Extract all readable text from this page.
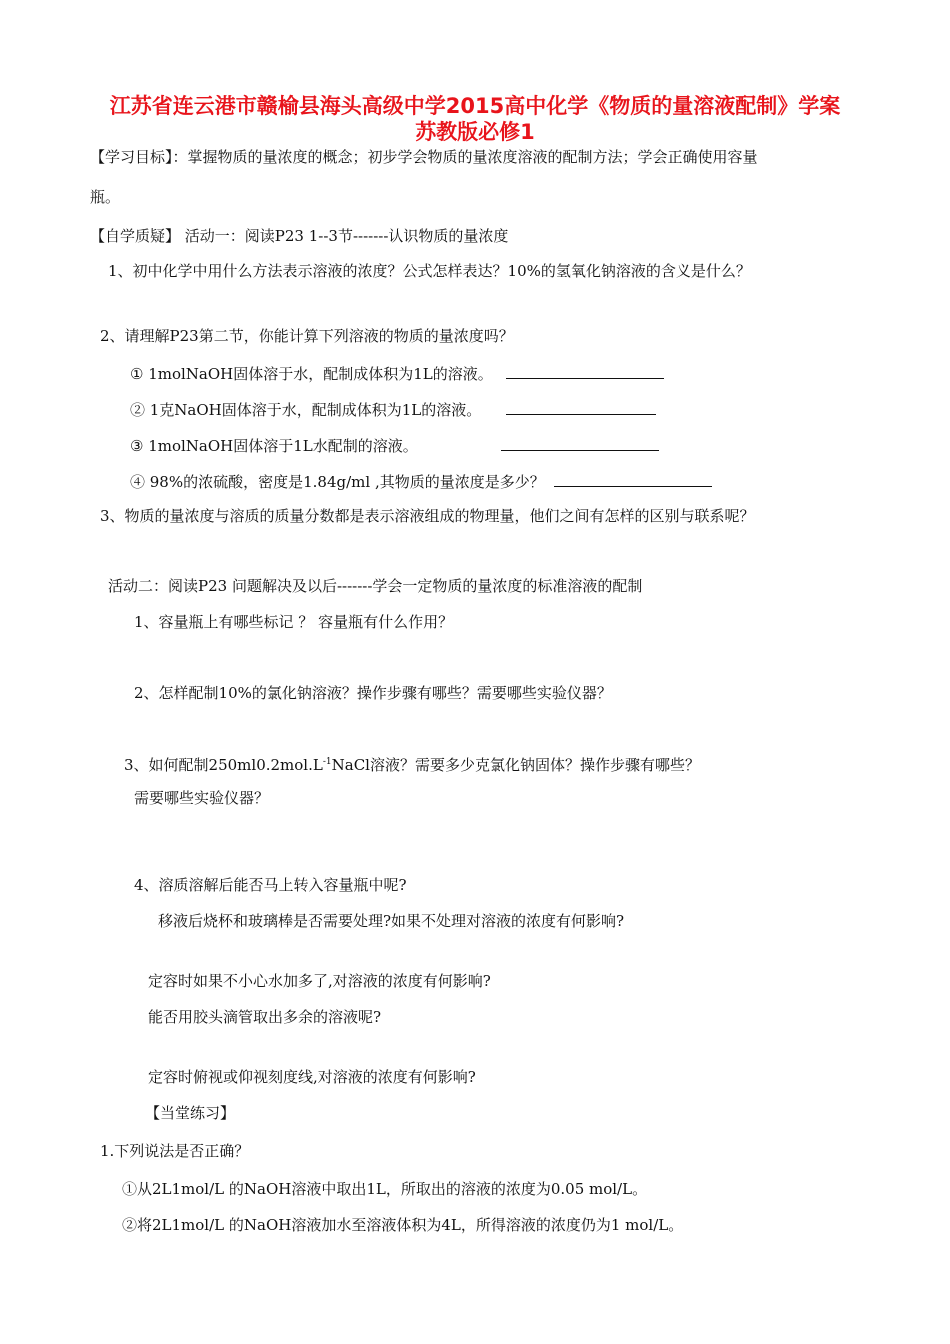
江苏省连云港市赣榆县海头高级中学2015高中化学《物质的量溶液配制》学案
苏教版必修1
【学习目标】：掌握物质的量浓度的概念；初步学会物质的量浓度溶液的配制方法；学会正确使用容量
瓶。
【自学质疑】 活动一：阅读P23 1--3节-------认识物质的量浓度
1、初中化学中用什么方法表示溶液的浓度？公式怎样表达？10%的氢氧化钠溶液的含义是什么？
2、请理解P23第二节，你能计算下列溶液的物质的量浓度吗？
① 1molNaOH固体溶于水，配制成体积为1L的溶液。
② 1克NaOH固体溶于水，配制成体积为1L的溶液。
③ 1molNaOH固体溶于1L水配制的溶液。
④ 98%的浓硫酸，密度是1.84g/ml ,其物质的量浓度是多少？
3、物质的量浓度与溶质的质量分数都是表示溶液组成的物理量，他们之间有怎样的区别与联系呢？
活动二：阅读P23 问题解决及以后-------学会一定物质的量浓度的标准溶液的配制
1、容量瓶上有哪些标记 ？ 容量瓶有什么作用？
2、怎样配制10%的氯化钠溶液？操作步骤有哪些？需要哪些实验仪器？
3、如何配制$250ml0.2mol.L^{-1}NaCl$溶液？需要多少克氯化钠固体？操作步骤有哪些？
需要哪些实验仪器？
4、溶质溶解后能否马上转入容量瓶中呢?
移液后烧杯和玻璃棒是否需要处理?如果不处理对溶液的浓度有何影响?
定容时如果不小心水加多了,对溶液的浓度有何影响?
能否用胶头滴管取出多余的溶液呢?
定容时俯视或仰视刻度线,对溶液的浓度有何影响?
【当堂练习】
1.下列说法是否正确？
①从2L1mol/L 的NaOH溶液中取出1L，所取出的溶液的浓度为0.05 mol/L。
②将2L1mol/L 的NaOH溶液加水至溶液体积为4L，所得溶液的浓度仍为1 mol/L。
